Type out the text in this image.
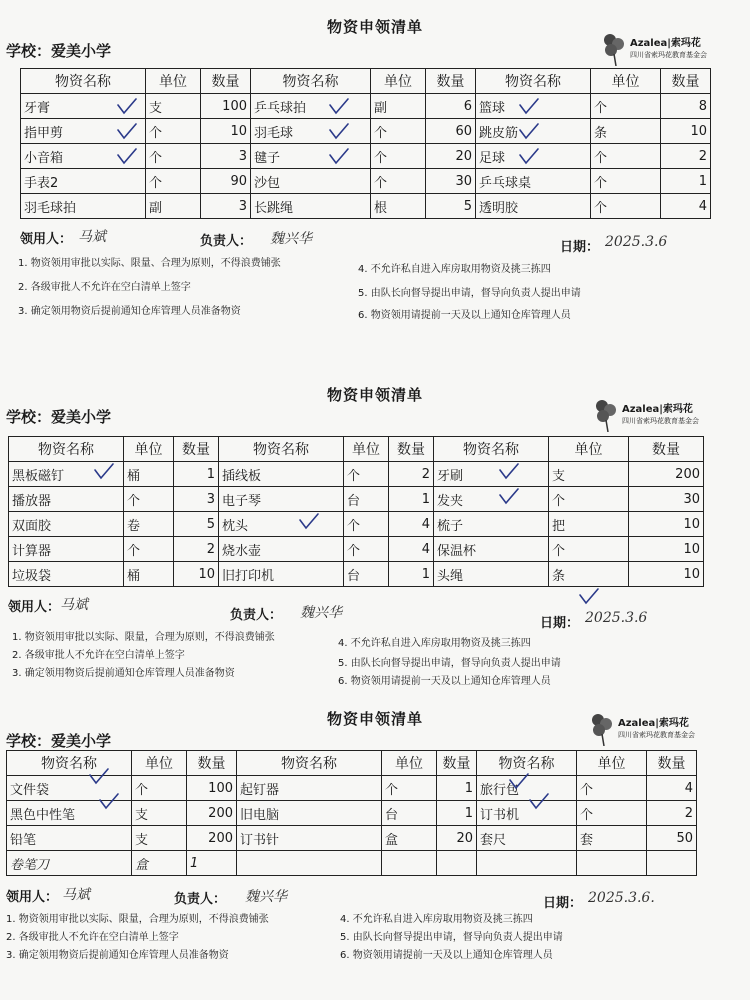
物资申领清单
学校：爱美小学	Azalea|索玛花
四川省索玛花教育基金会
物资名称	单位	数量	物资名称	单位	数量	物资名称	单位	数量
牙膏	支	100	乒乓球拍	副	6	篮球	个	8
指甲剪	个	10	羽毛球	个	60	跳皮筋	条	10
小音箱	个	3	毽子	个	20	足球	个	2
手表2	个	90	沙包	个	30	乒乓球桌	个	1
羽毛球拍	副	3	长跳绳	根	5	透明胶	个	4
领用人： 马斌	负责人： 魏兴华
日期： 2025.3.6
1. 物资领用审批以实际、限量、合理为原则，不得浪费铺张
2. 各级审批人不允许在空白清单上签字
3. 确定领用物资后提前通知仓库管理人员准备物资
4. 不允许私自进入库房取用物资及挑三拣四
5. 由队长向督导提出申请，督导向负责人提出申请
6. 物资领用请提前一天及以上通知仓库管理人员
物资申领清单
学校：爱美小学	Azalea|索玛花
四川省索玛花教育基金会
物资名称	单位	数量	物资名称	单位	数量	物资名称	单位	数量
黑板磁钉	桶	1	插线板	个	2	牙刷	支	200
播放器	个	3	电子琴	台	1	发夹	个	30
双面胶	卷	5	枕头	个	4	梳子	把	10
计算器	个	2	烧水壶	个	4	保温杯	个	10
垃圾袋	桶	10	旧打印机	台	1	头绳	条	10
领用人： 马斌
负责人： 魏兴华
日期： 2025.3.6
1. 物资领用审批以实际、限量，合理为原则，不得浪费铺张
2. 各级审批人不允许在空白清单上签字
3. 确定领用物资后提前通知仓库管理人员准备物资
4. 不允许私自进入库房取用物资及挑三拣四
5. 由队长向督导提出申请，督导向负责人提出申请
6. 物资领用请提前一天及以上通知仓库管理人员
物资申领清单
学校：爱美小学
Azalea|索玛花
四川省索玛花教育基金会
物资名称	单位	数量	物资名称	单位	数量	物资名称	单位	数量
文件袋	个	100	起钉器	个	1	旅行包	个	4
黑色中性笔	支	200	旧电脑	台	1	订书机	个	2
铅笔	支	200	订书针	盒	20	套尺	套	50
卷笔刀	盒	1						
领用人： 马斌	负责人： 魏兴华	日期： 2025.3.6.
1. 物资领用审批以实际、限量，合理为原则，不得浪费铺张
2. 各级审批人不允许在空白清单上签字
3. 确定领用物资后提前通知仓库管理人员准备物资
4. 不允许私自进入库房取用物资及挑三拣四
5. 由队长向督导提出申请，督导向负责人提出申请
6. 物资领用请提前一天及以上通知仓库管理人员
